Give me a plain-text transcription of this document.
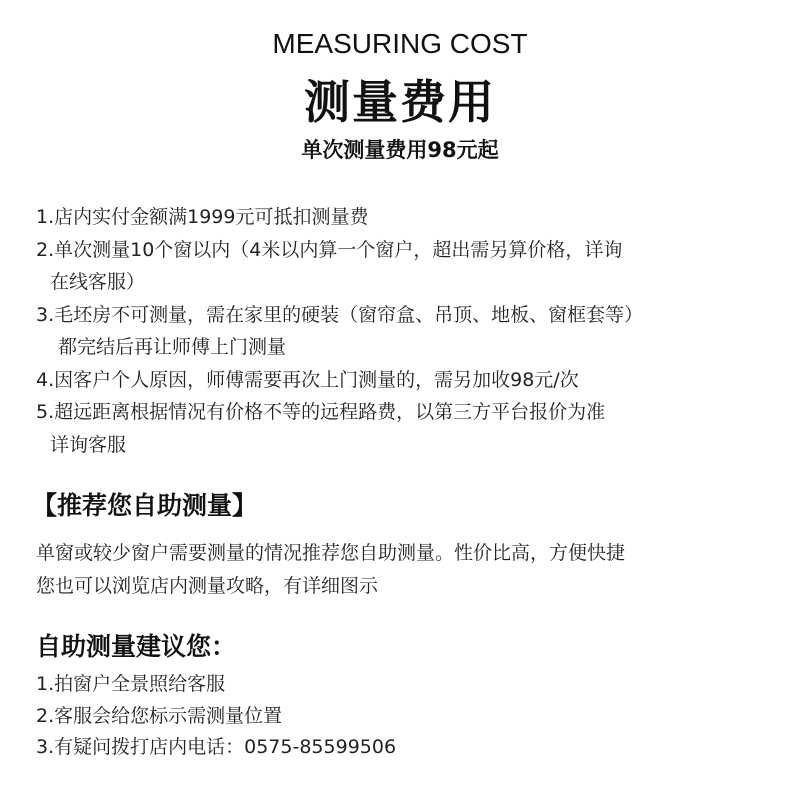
MEASURING COST
测量费用
单次测量费用98元起
1.店内实付金额满1999元可抵扣测量费
2.单次测量10个窗以内（4米以内算一个窗户，超出需另算价格，详询
在线客服）
3.毛坯房不可测量，需在家里的硬装（窗帘盒、吊顶、地板、窗框套等）
都完结后再让师傅上门测量
4.因客户个人原因，师傅需要再次上门测量的，需另加收98元/次
5.超远距离根据情况有价格不等的远程路费，以第三方平台报价为准
详询客服
【推荐您自助测量】
单窗或较少窗户需要测量的情况推荐您自助测量。性价比高，方便快捷
您也可以浏览店内测量攻略，有详细图示
自助测量建议您：
1.拍窗户全景照给客服
2.客服会给您标示需测量位置
3.有疑问拨打店内电话：0575-85599506
